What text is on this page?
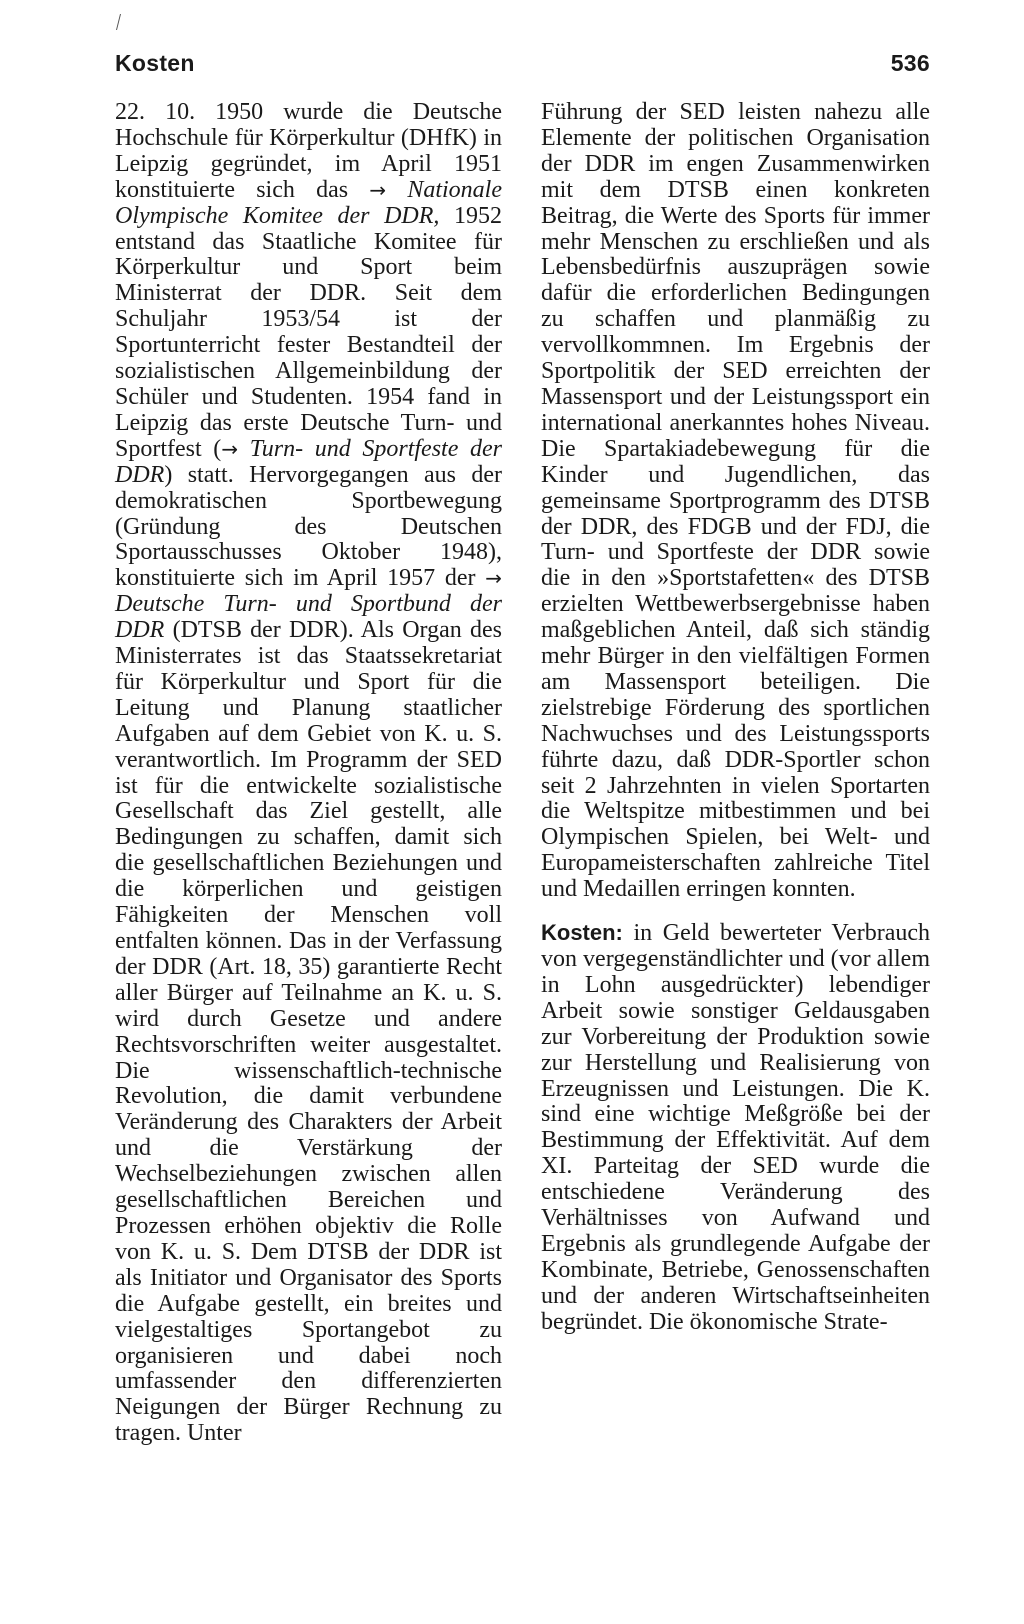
Kosten	536

22. 10. 1950 wurde die Deutsche Hochschule für Körperkultur (DHfK) in Leipzig gegründet, im April 1951 konstituierte sich das → Nationale Olympische Komitee der DDR, 1952 entstand das Staatliche Komitee für Körperkultur und Sport beim Ministerrat der DDR. Seit dem Schuljahr 1953/54 ist der Sportunterricht fester Bestandteil der sozialistischen Allgemeinbildung der Schüler und Studenten. 1954 fand in Leipzig das erste Deutsche Turn- und Sportfest (→ Turn- und Sportfeste der DDR) statt. Hervorgegangen aus der demokratischen Sportbewegung (Gründung des Deutschen Sportausschusses Oktober 1948), konstituierte sich im April 1957 der → Deutsche Turn- und Sportbund der DDR (DTSB der DDR). Als Organ des Ministerrates ist das Staatssekretariat für Körperkultur und Sport für die Leitung und Planung staatlicher Aufgaben auf dem Gebiet von K. u. S. verantwortlich. Im Programm der SED ist für die entwickelte sozialistische Gesellschaft das Ziel gestellt, alle Bedingungen zu schaffen, damit sich die gesellschaftlichen Beziehungen und die körperlichen und geistigen Fähigkeiten der Menschen voll entfalten können. Das in der Verfassung der DDR (Art. 18, 35) garantierte Recht aller Bürger auf Teilnahme an K. u. S. wird durch Gesetze und andere Rechtsvorschriften weiter ausgestaltet. Die wissenschaftlich-technische Revolution, die damit verbundene Veränderung des Charakters der Arbeit und die Verstärkung der Wechselbeziehungen zwischen allen gesellschaftlichen Bereichen und Prozessen erhöhen objektiv die Rolle von K. u. S. Dem DTSB der DDR ist als Initiator und Organisator des Sports die Aufgabe gestellt, ein breites und vielgestaltiges Sportangebot zu organisieren und dabei noch umfassender den differenzierten Neigungen der Bürger Rechnung zu tragen. Unter

Führung der SED leisten nahezu alle Elemente der politischen Organisation der DDR im engen Zusammenwirken mit dem DTSB einen konkreten Beitrag, die Werte des Sports für immer mehr Menschen zu erschließen und als Lebensbedürfnis auszuprägen sowie dafür die erforderlichen Bedingungen zu schaffen und planmäßig zu vervollkommnen. Im Ergebnis der Sportpolitik der SED erreichten der Massensport und der Leistungssport ein international anerkanntes hohes Niveau. Die Spartakiadebewegung für die Kinder und Jugendlichen, das gemeinsame Sportprogramm des DTSB der DDR, des FDGB und der FDJ, die Turn- und Sportfeste der DDR sowie die in den »Sportstafetten« des DTSB erzielten Wettbewerbsergebnisse haben maßgeblichen Anteil, daß sich ständig mehr Bürger in den vielfältigen Formen am Massensport beteiligen. Die zielstrebige Förderung des sportlichen Nachwuchses und des Leistungssports führte dazu, daß DDR-Sportler schon seit 2 Jahrzehnten in vielen Sportarten die Weltspitze mitbestimmen und bei Olympischen Spielen, bei Welt- und Europameisterschaften zahlreiche Titel und Medaillen erringen konnten.

Kosten: in Geld bewerteter Verbrauch von vergegenständlichter und (vor allem in Lohn ausgedrückter) lebendiger Arbeit sowie sonstiger Geldausgaben zur Vorbereitung der Produktion sowie zur Herstellung und Realisierung von Erzeugnissen und Leistungen. Die K. sind eine wichtige Meßgröße bei der Bestimmung der Effektivität. Auf dem XI. Parteitag der SED wurde die entschiedene Veränderung des Verhältnisses von Aufwand und Ergebnis als grundlegende Aufgabe der Kombinate, Betriebe, Genossenschaften und der anderen Wirtschaftseinheiten begründet. Die ökonomische Strate-
